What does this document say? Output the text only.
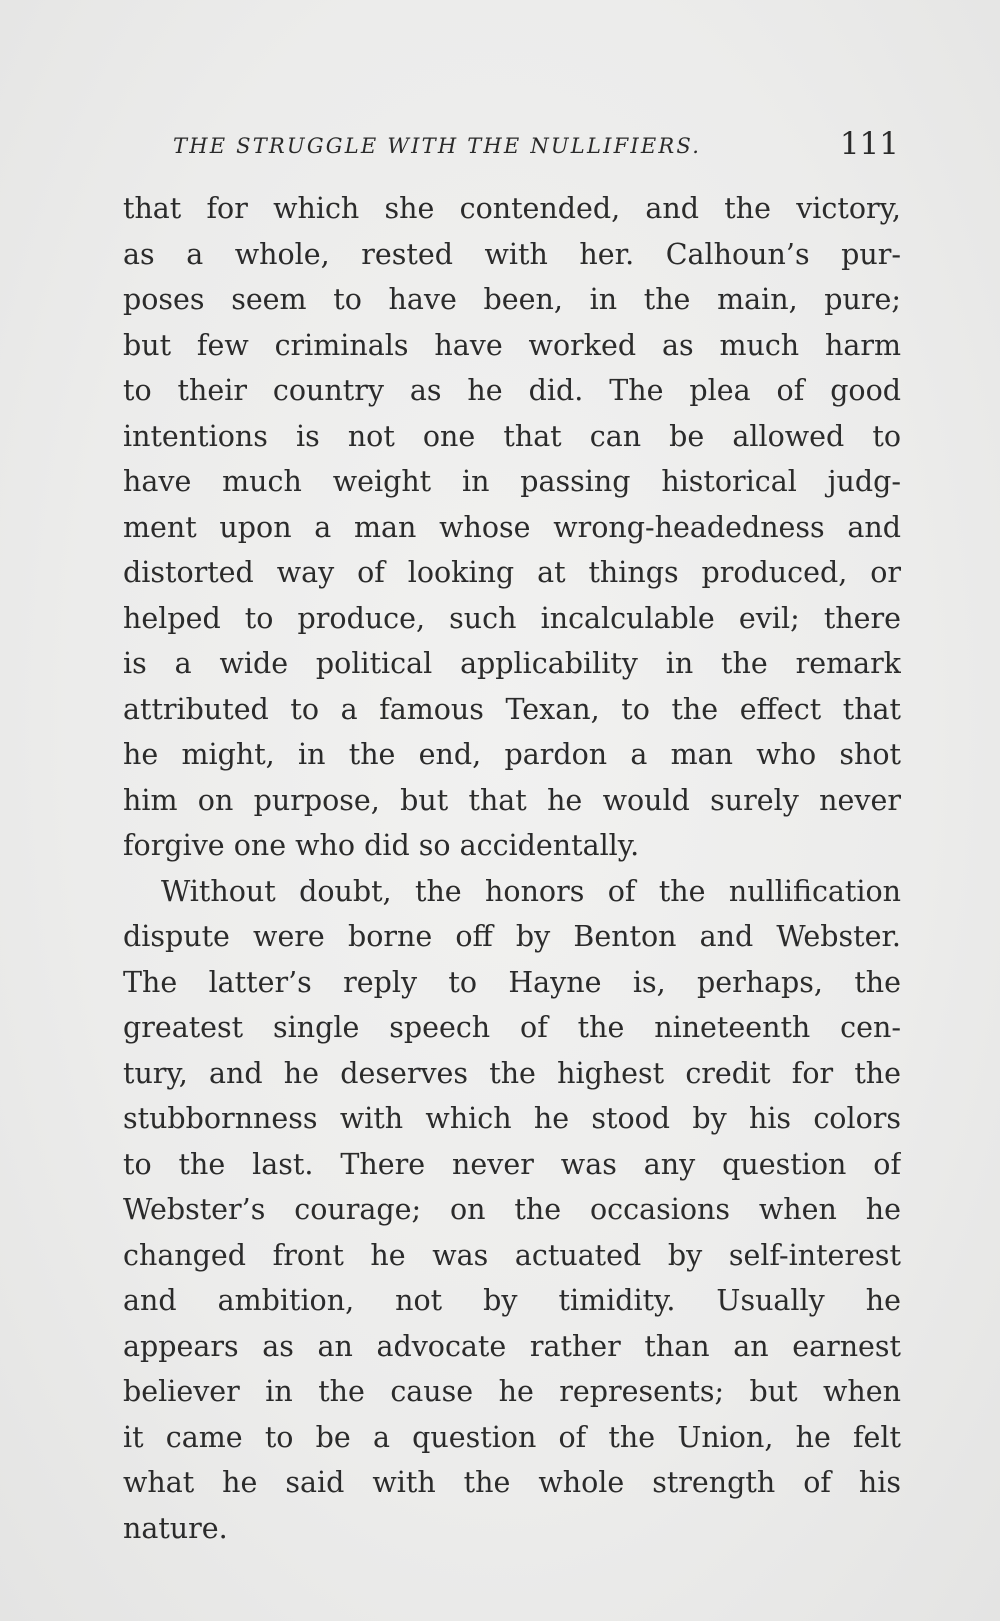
THE STRUGGLE WITH THE NULLIFIERS.	111
that for which she contended, and the victory,
as a whole, rested with her. Calhoun’s pur-
poses seem to have been, in the main, pure;
but few criminals have worked as much harm
to their country as he did. The plea of good
intentions is not one that can be allowed to
have much weight in passing historical judg-
ment upon a man whose wrong-headedness and
distorted way of looking at things produced, or
helped to produce, such incalculable evil; there
is a wide political applicability in the remark
attributed to a famous Texan, to the effect that
he might, in the end, pardon a man who shot
him on purpose, but that he would surely never
forgive one who did so accidentally.
Without doubt, the honors of the nullification
dispute were borne off by Benton and Webster.
The latter’s reply to Hayne is, perhaps, the
greatest single speech of the nineteenth cen-
tury, and he deserves the highest credit for the
stubbornness with which he stood by his colors
to the last. There never was any question of
Webster’s courage; on the occasions when he
changed front he was actuated by self-interest
and ambition, not by timidity. Usually he
appears as an advocate rather than an earnest
believer in the cause he represents; but when
it came to be a question of the Union, he felt
what he said with the whole strength of his
nature.
